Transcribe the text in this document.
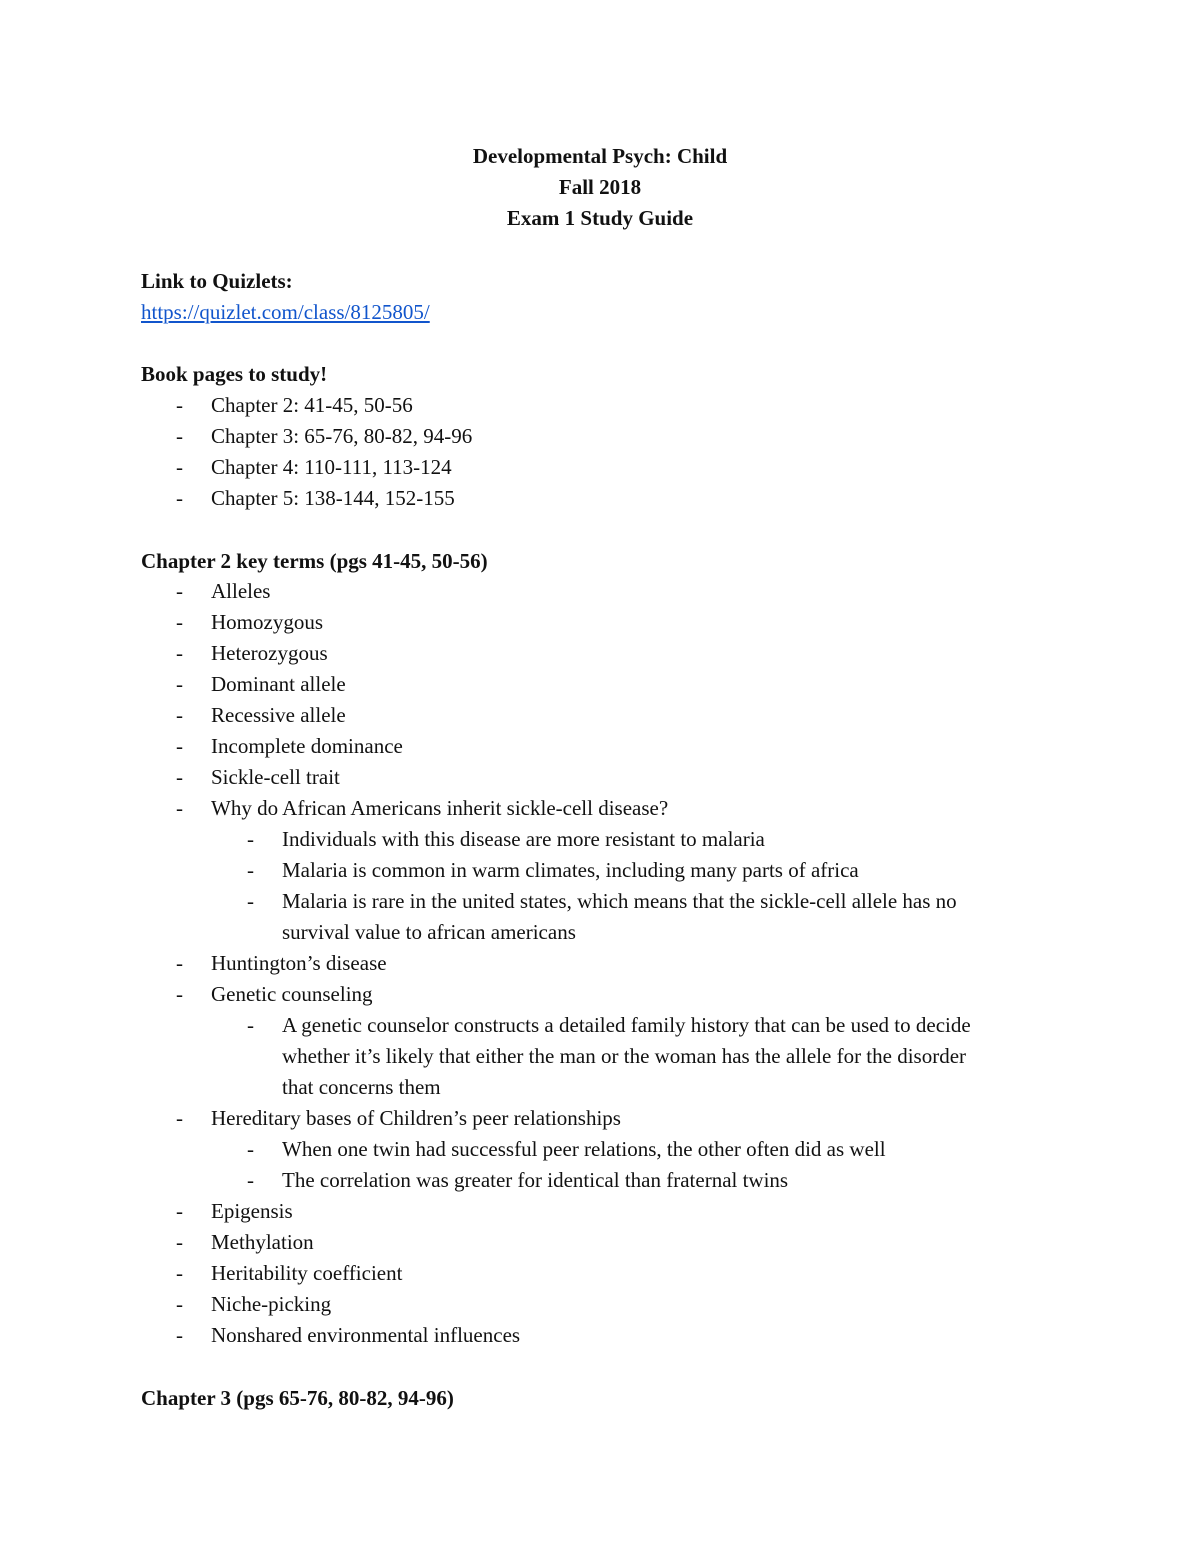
Developmental Psych: Child
Fall 2018
Exam 1 Study Guide
Link to Quizlets:
https://quizlet.com/class/8125805/
Book pages to study!
- Chapter 2: 41-45, 50-56
- Chapter 3: 65-76, 80-82, 94-96
- Chapter 4: 110-111, 113-124
- Chapter 5: 138-144, 152-155
Chapter 2 key terms (pgs 41-45, 50-56)
- Alleles
- Homozygous
- Heterozygous
- Dominant allele
- Recessive allele
- Incomplete dominance
- Sickle-cell trait
- Why do African Americans inherit sickle-cell disease?
- Individuals with this disease are more resistant to malaria
- Malaria is common in warm climates, including many parts of africa
- Malaria is rare in the united states, which means that the sickle-cell allele has no
survival value to african americans
- Huntington’s disease
- Genetic counseling
- A genetic counselor constructs a detailed family history that can be used to decide
whether it’s likely that either the man or the woman has the allele for the disorder
that concerns them
- Hereditary bases of Children’s peer relationships
- When one twin had successful peer relations, the other often did as well
- The correlation was greater for identical than fraternal twins
- Epigensis
- Methylation
- Heritability coefficient
- Niche-picking
- Nonshared environmental influences
Chapter 3 (pgs 65-76, 80-82, 94-96)
